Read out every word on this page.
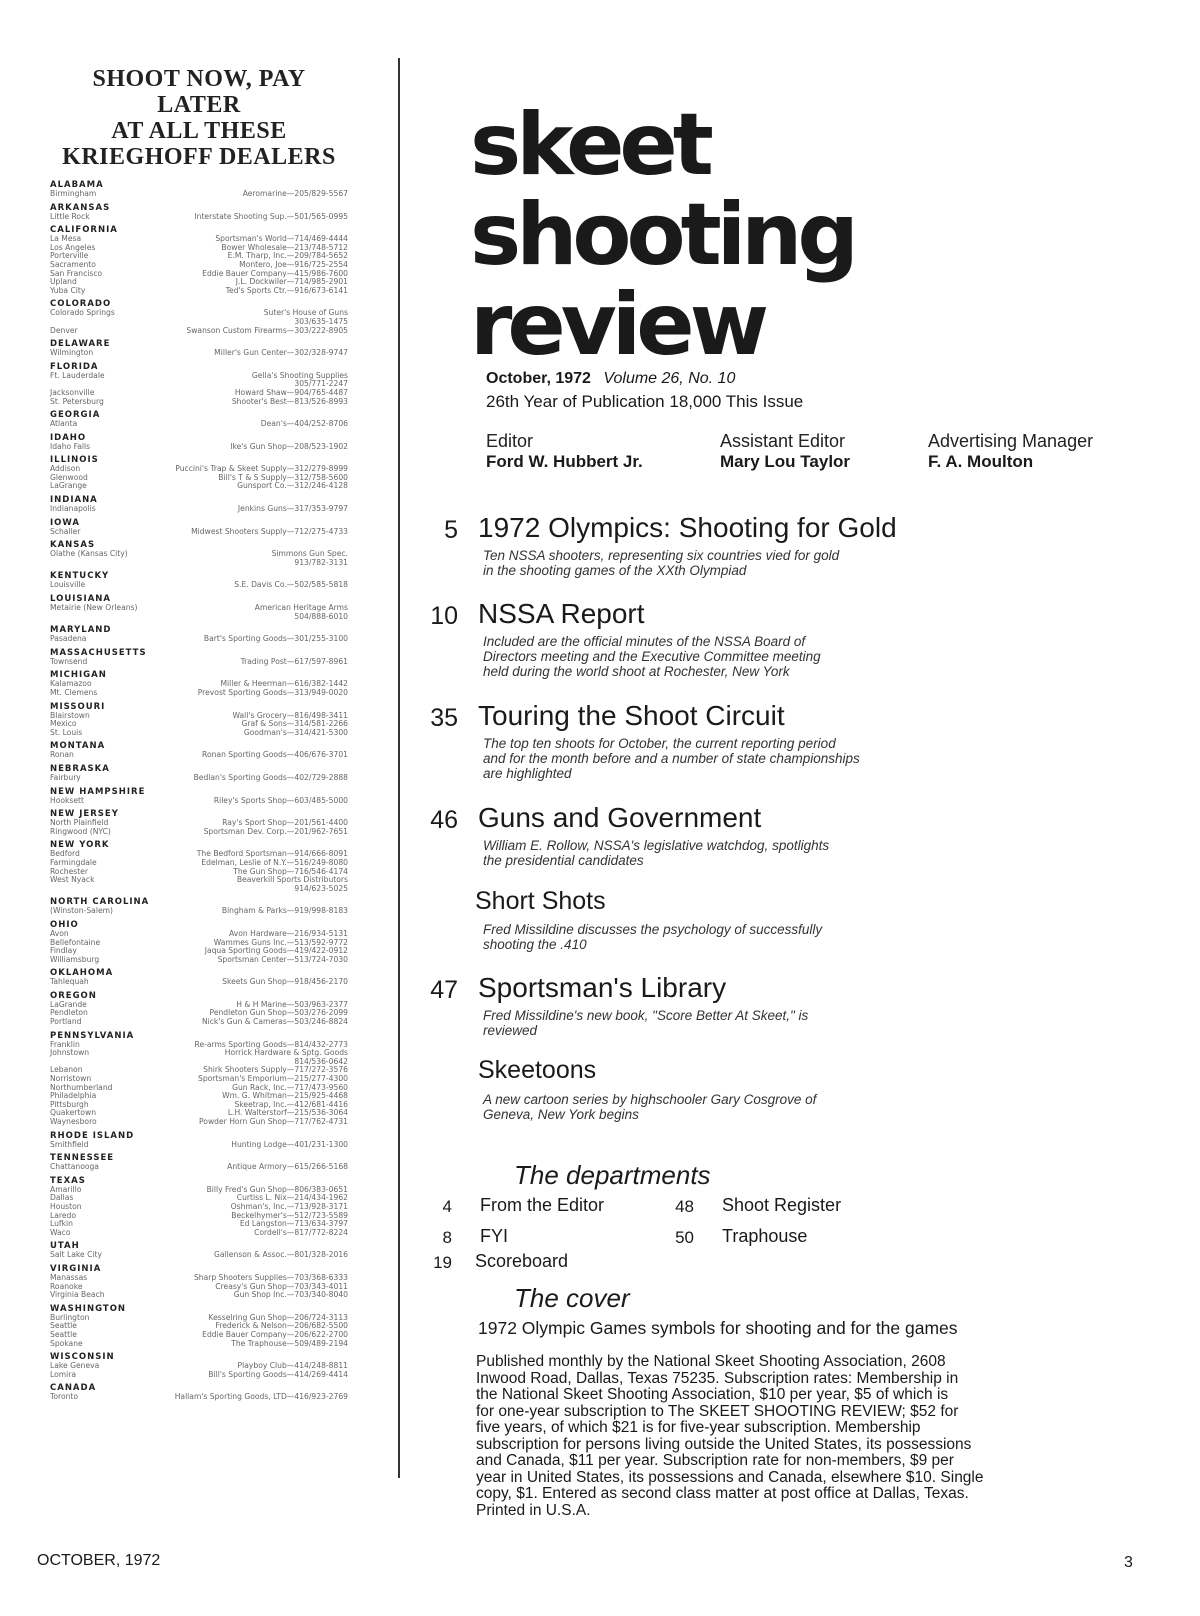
SHOOT NOW, PAY LATER
AT ALL THESE
KRIEGHOFF DEALERS
ALABAMA
Birmingham	Aeromarine—205/829-5567
ARKANSAS
Little Rock	Interstate Shooting Sup.—501/565-0995
CALIFORNIA
La Mesa	Sportsman's World—714/469-4444
Los Angeles	Bower Wholesale—213/748-5712
Porterville	E.M. Tharp, Inc.—209/784-5652
Sacramento	Montero, Joe—916/725-2554
San Francisco	Eddie Bauer Company—415/986-7600
Upland	J.L. Dockwiler—714/985-2901
Yuba City	Ted's Sports Ctr.—916/673-6141
COLORADO
Colorado Springs	Suter's House of Guns
303/635-1475
Denver	Swanson Custom Firearms—303/222-8905
DELAWARE
Wilmington	Miller's Gun Center—302/328-9747
FLORIDA
Ft. Lauderdale	Gella's Shooting Supplies
305/771-2247
Jacksonville	Howard Shaw—904/765-4487
St. Petersburg	Shooter's Best—813/526-8993
GEORGIA
Atlanta	Dean's—404/252-8706
IDAHO
Idaho Falls	Ike's Gun Shop—208/523-1902
ILLINOIS
Addison	Puccini's Trap & Skeet Supply—312/279-8999
Glenwood	Bill's T & S Supply—312/758-5600
LaGrange	Gunsport Co.—312/246-4128
INDIANA
Indianapolis	Jenkins Guns—317/353-9797
IOWA
Schaller	Midwest Shooters Supply—712/275-4733
KANSAS
Olathe (Kansas City)	Simmons Gun Spec.
913/782-3131
KENTUCKY
Louisville	S.E. Davis Co.—502/585-5818
LOUISIANA
Metairie (New Orleans)	American Heritage Arms
504/888-6010
MARYLAND
Pasadena	Bart's Sporting Goods—301/255-3100
MASSACHUSETTS
Townsend	Trading Post—617/597-8961
MICHIGAN
Kalamazoo	Miller & Heerman—616/382-1442
Mt. Clemens	Prevost Sporting Goods—313/949-0020
MISSOURI
Blairstown	Wall's Grocery—816/498-3411
Mexico	Graf & Sons—314/581-2266
St. Louis	Goodman's—314/421-5300
MONTANA
Ronan	Ronan Sporting Goods—406/676-3701
NEBRASKA
Fairbury	Bedlan's Sporting Goods—402/729-2888
NEW HAMPSHIRE
Hooksett	Riley's Sports Shop—603/485-5000
NEW JERSEY
North Plainfield	Ray's Sport Shop—201/561-4400
Ringwood (NYC)	Sportsman Dev. Corp.—201/962-7651
NEW YORK
Bedford	The Bedford Sportsman—914/666-8091
Farmingdale	Edelman, Leslie of N.Y.—516/249-8080
Rochester	The Gun Shop—716/546-4174
West Nyack	Beaverkill Sports Distributors
914/623-5025
NORTH CAROLINA
(Winston-Salem)	Bingham & Parks—919/998-8183
OHIO
Avon	Avon Hardware—216/934-5131
Bellefontaine	Wammes Guns Inc.—513/592-9772
Findlay	Jaqua Sporting Goods—419/422-0912
Williamsburg	Sportsman Center—513/724-7030
OKLAHOMA
Tahlequah	Skeets Gun Shop—918/456-2170
OREGON
LaGrande	H & H Marine—503/963-2377
Pendleton	Pendleton Gun Shop—503/276-2099
Portland	Nick's Gun & Cameras—503/246-8824
PENNSYLVANIA
Franklin	Re-arms Sporting Goods—814/432-2773
Johnstown	Horrick Hardware & Sptg. Goods
814/536-0642
Lebanon	Shirk Shooters Supply—717/272-3576
Norristown	Sportsman's Emporium—215/277-4300
Northumberland	Gun Rack, Inc.—717/473-9560
Philadelphia	Wm. G. Whitman—215/925-4468
Pittsburgh	Skeetrap, Inc.—412/681-4416
Quakertown	L.H. Walterstorf—215/536-3064
Waynesboro	Powder Horn Gun Shop—717/762-4731
RHODE ISLAND
Smithfield	Hunting Lodge—401/231-1300
TENNESSEE
Chattanooga	Antique Armory—615/266-5168
TEXAS
Amarillo	Billy Fred's Gun Shop—806/383-0651
Dallas	Curtiss L. Nix—214/434-1962
Houston	Oshman's, Inc.—713/928-3171
Laredo	Beckelhymer's—512/723-5589
Lufkin	Ed Langston—713/634-3797
Waco	Cordell's—817/772-8224
UTAH
Salt Lake City	Gallenson & Assoc.—801/328-2016
VIRGINIA
Manassas	Sharp Shooters Supplies—703/368-6333
Roanoke	Creasy's Gun Shop—703/343-4011
Virginia Beach	Gun Shop Inc.—703/340-8040
WASHINGTON
Burlington	Kesselring Gun Shop—206/724-3113
Seattle	Frederick & Nelson—206/682-5500
Seattle	Eddie Bauer Company—206/622-2700
Spokane	The Traphouse—509/489-2194
WISCONSIN
Lake Geneva	Playboy Club—414/248-8811
Lomira	Bill's Sporting Goods—414/269-4414
CANADA
Toronto	Hallam's Sporting Goods, LTD—416/923-2769
skeet
shooting
review
October, 1972 Volume 26, No. 10
26th Year of Publication 18,000 This Issue
Editor
Ford W. Hubbert Jr.
Assistant Editor
Mary Lou Taylor
Advertising Manager
F. A. Moulton
5 1972 Olympics: Shooting for Gold
Ten NSSA shooters, representing six countries vied for gold
in the shooting games of the XXth Olympiad
10 NSSA Report
Included are the official minutes of the NSSA Board of
Directors meeting and the Executive Committee meeting
held during the world shoot at Rochester, New York
35 Touring the Shoot Circuit
The top ten shoots for October, the current reporting period
and for the month before and a number of state championships
are highlighted
46 Guns and Government
William E. Rollow, NSSA's legislative watchdog, spotlights
the presidential candidates
Short Shots
Fred Missildine discusses the psychology of successfully
shooting the .410
47 Sportsman's Library
Fred Missildine's new book, "Score Better At Skeet," is
reviewed
Skeetoons
A new cartoon series by highschooler Gary Cosgrove of
Geneva, New York begins
The departments
4 From the Editor	48 Shoot Register
8 FYI	50 Traphouse
19 Scoreboard
The cover
1972 Olympic Games symbols for shooting and for the games
Published monthly by the National Skeet Shooting Association, 2608
Inwood Road, Dallas, Texas 75235. Subscription rates: Membership in
the National Skeet Shooting Association, $10 per year, $5 of which is
for one-year subscription to The SKEET SHOOTING REVIEW; $52 for
five years, of which $21 is for five-year subscription. Membership
subscription for persons living outside the United States, its possessions
and Canada, $11 per year. Subscription rate for non-members, $9 per
year in United States, its possessions and Canada, elsewhere $10. Single
copy, $1. Entered as second class matter at post office at Dallas, Texas.
Printed in U.S.A.
OCTOBER, 1972	3
